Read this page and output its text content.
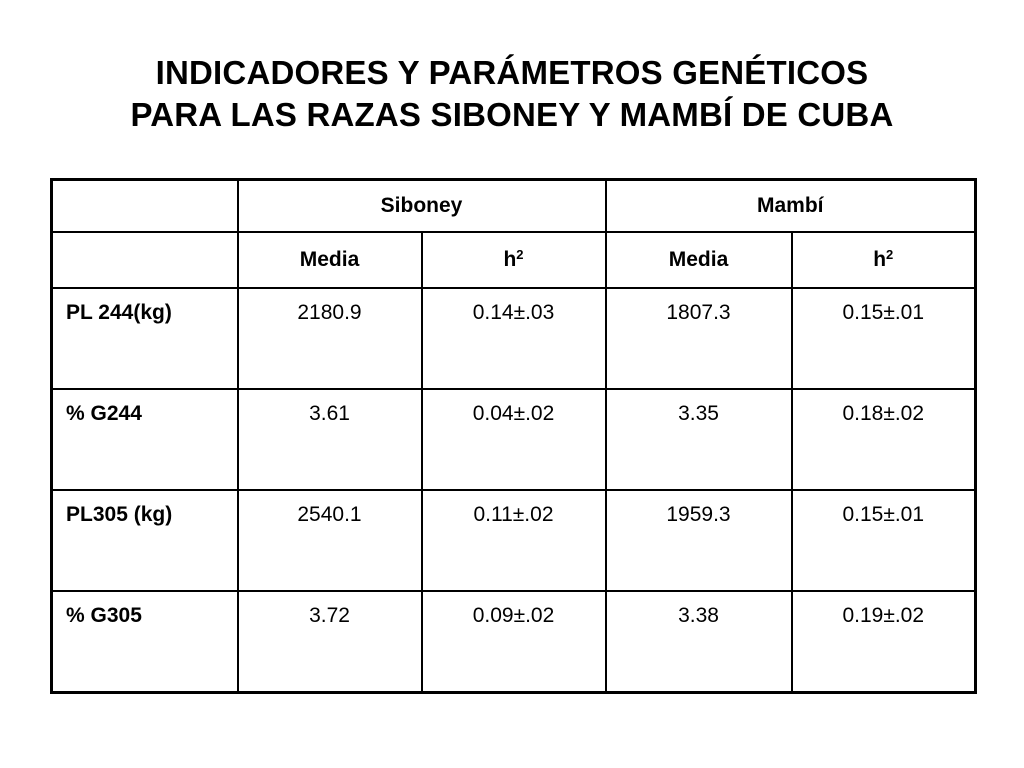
INDICADORES Y PARÁMETROS GENÉTICOS
PARA LAS RAZAS SIBONEY Y MAMBÍ DE CUBA
	Siboney		Mambí	
	Media	$h^2$	Media	$h^2$
PL 244(kg)	2180.9	0.14±.03	1807.3	0.15±.01
% G244	3.61	0.04±.02	3.35	0.18±.02
PL305 (kg)	2540.1	0.11±.02	1959.3	0.15±.01
% G305	3.72	0.09±.02	3.38	0.19±.02
